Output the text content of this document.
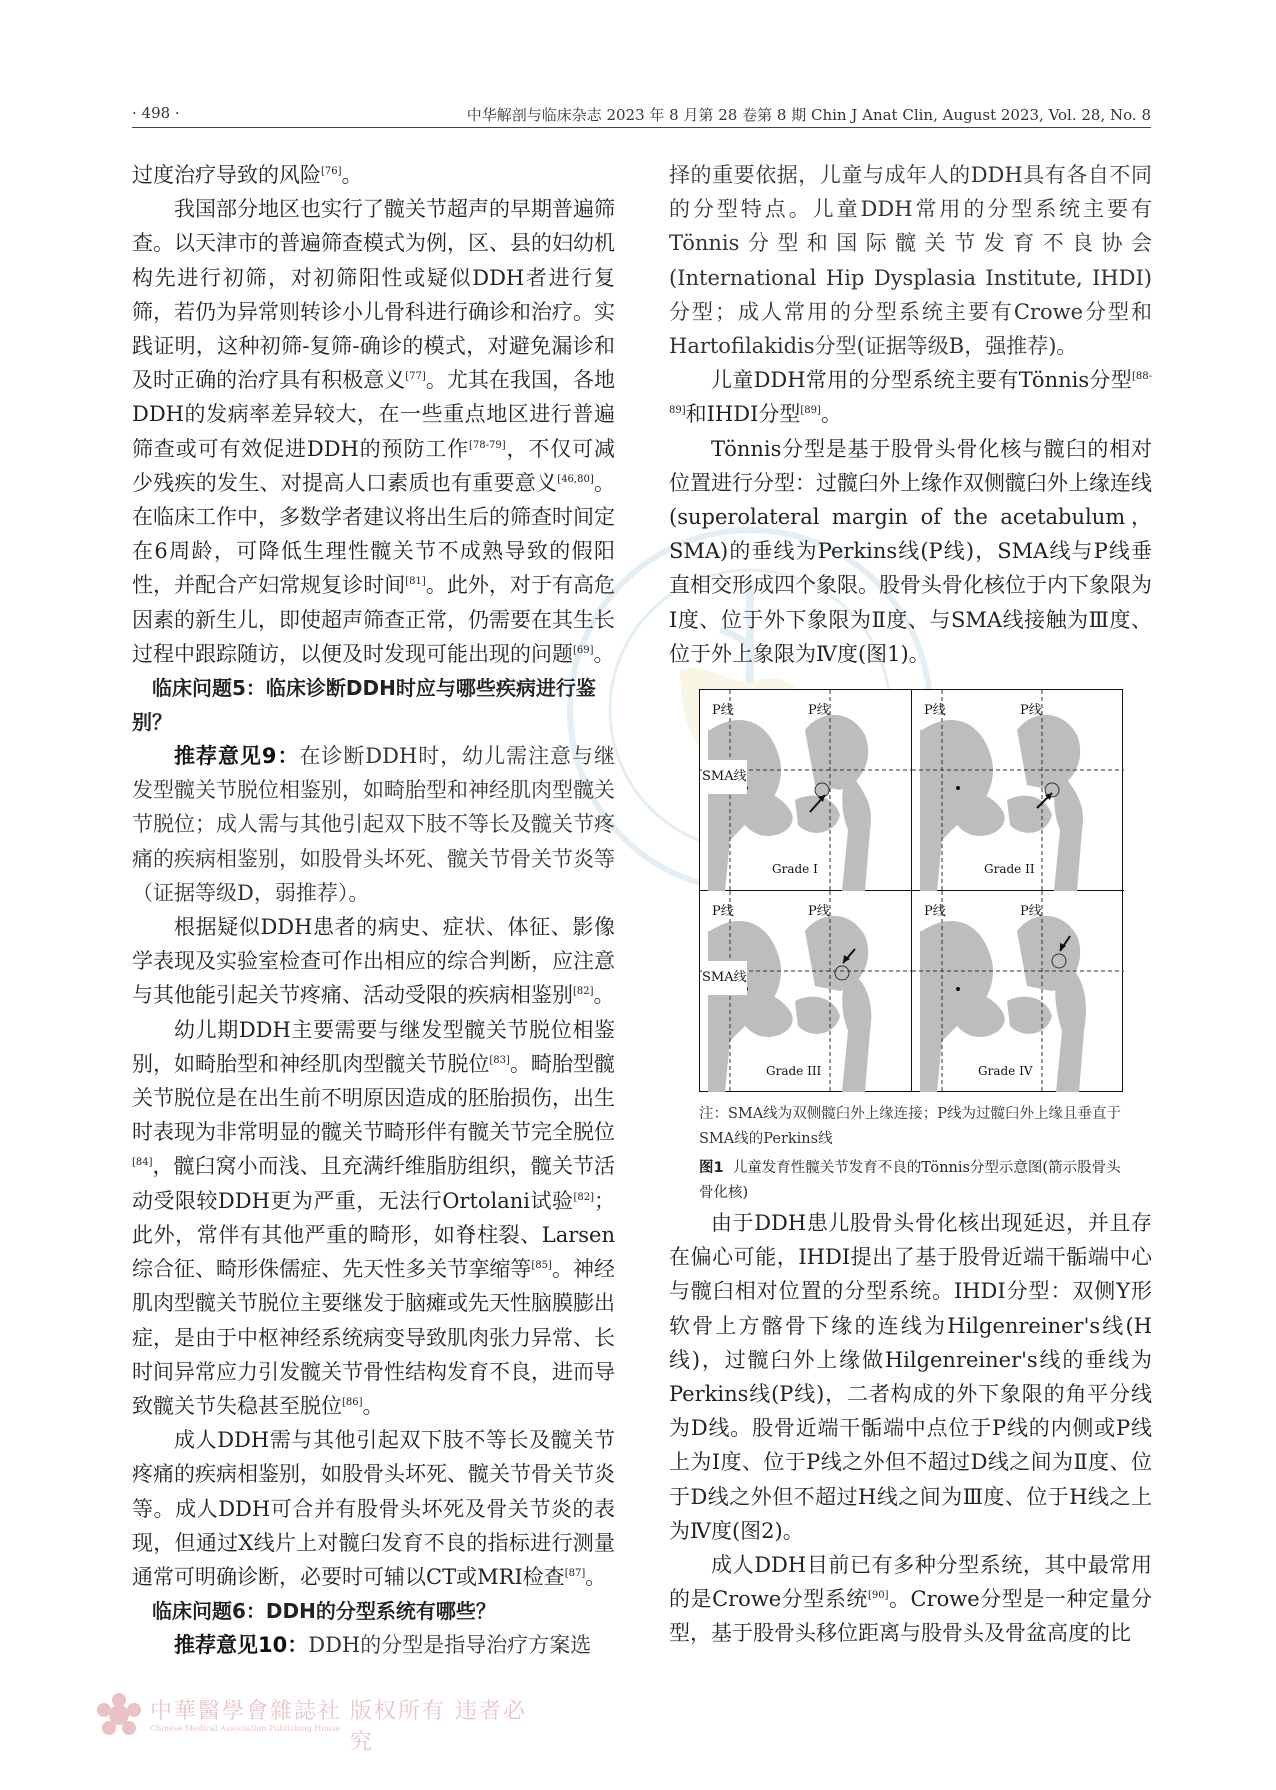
· 498 ·	中华解剖与临床杂志 2023 年 8 月第 28 卷第 8 期 Chin J Anat Clin, August 2023, Vol. 28, No. 8

过度治疗导致的风险[76]。

我国部分地区也实行了髋关节超声的早期普遍筛查。以天津市的普遍筛查模式为例，区、县的妇幼机构先进行初筛，对初筛阳性或疑似DDH者进行复筛，若仍为异常则转诊小儿骨科进行确诊和治疗。实践证明，这种初筛-复筛-确诊的模式，对避免漏诊和及时正确的治疗具有积极意义[77]。尤其在我国，各地DDH的发病率差异较大，在一些重点地区进行普遍筛查或可有效促进DDH的预防工作[78-79]，不仅可减少残疾的发生、对提高人口素质也有重要意义[46,80]。在临床工作中，多数学者建议将出生后的筛查时间定在6周龄，可降低生理性髋关节不成熟导致的假阳性，并配合产妇常规复诊时间[81]。此外，对于有高危因素的新生儿，即使超声筛查正常，仍需要在其生长过程中跟踪随访，以便及时发现可能出现的问题[69]。

临床问题5：临床诊断DDH时应与哪些疾病进行鉴别？

推荐意见9：在诊断DDH时，幼儿需注意与继发型髋关节脱位相鉴别，如畸胎型和神经肌肉型髋关节脱位；成人需与其他引起双下肢不等长及髋关节疼痛的疾病相鉴别，如股骨头坏死、髋关节骨关节炎等（证据等级D，弱推荐）。

根据疑似DDH患者的病史、症状、体征、影像学表现及实验室检查可作出相应的综合判断，应注意与其他能引起关节疼痛、活动受限的疾病相鉴别[82]。

幼儿期DDH主要需要与继发型髋关节脱位相鉴别，如畸胎型和神经肌肉型髋关节脱位[83]。畸胎型髋关节脱位是在出生前不明原因造成的胚胎损伤，出生时表现为非常明显的髋关节畸形伴有髋关节完全脱位[84]，髋臼窝小而浅、且充满纤维脂肪组织，髋关节活动受限较DDH更为严重，无法行Ortolani试验[82]；此外，常伴有其他严重的畸形，如脊柱裂、Larsen综合征、畸形侏儒症、先天性多关节挛缩等[85]。神经肌肉型髋关节脱位主要继发于脑瘫或先天性脑膜膨出症，是由于中枢神经系统病变导致肌肉张力异常、长时间异常应力引发髋关节骨性结构发育不良，进而导致髋关节失稳甚至脱位[86]。

成人DDH需与其他引起双下肢不等长及髋关节疼痛的疾病相鉴别，如股骨头坏死、髋关节骨关节炎等。成人DDH可合并有股骨头坏死及骨关节炎的表现，但通过X线片上对髋臼发育不良的指标进行测量通常可明确诊断，必要时可辅以CT或MRI检查[87]。

临床问题6：DDH的分型系统有哪些？

推荐意见10：DDH的分型是指导治疗方案选

择的重要依据，儿童与成年人的DDH具有各自不同的分型特点。儿童DDH常用的分型系统主要有Tönnis分型和国际髋关节发育不良协会(International Hip Dysplasia Institute, IHDI)分型；成人常用的分型系统主要有Crowe分型和Hartofilakidis分型(证据等级B，强推荐)。

儿童DDH常用的分型系统主要有Tönnis分型[88-89]和IHDI分型[89]。

Tönnis分型是基于股骨头骨化核与髋臼的相对位置进行分型：过髋臼外上缘作双侧髋臼外上缘连线(superolateral margin of the acetabulum，SMA)的垂线为Perkins线(P线)，SMA线与P线垂直相交形成四个象限。股骨头骨化核位于内下象限为Ⅰ度、位于外下象限为Ⅱ度、与SMA线接触为Ⅲ度、位于外上象限为Ⅳ度(图1)。

P线	P线
SMA线
Grade I
P线	P线
Grade II
P线	P线
SMA线
Grade III
P线	P线
Grade IV
注：SMA线为双侧髋臼外上缘连接；P线为过髋臼外上缘且垂直于SMA线的Perkins线
图1 儿童发育性髋关节发育不良的Tönnis分型示意图(箭示股骨头骨化核)

由于DDH患儿股骨头骨化核出现延迟，并且存在偏心可能，IHDI提出了基于股骨近端干骺端中心与髋臼相对位置的分型系统。IHDI分型：双侧Y形软骨上方髂骨下缘的连线为Hilgenreiner's线(H线)，过髋臼外上缘做Hilgenreiner's线的垂线为Perkins线(P线)，二者构成的外下象限的角平分线为D线。股骨近端干骺端中点位于P线的内侧或P线上为Ⅰ度、位于P线之外但不超过D线之间为Ⅱ度、位于D线之外但不超过H线之间为Ⅲ度、位于H线之上为Ⅳ度(图2)。

成人DDH目前已有多种分型系统，其中最常用的是Crowe分型系统[90]。Crowe分型是一种定量分型，基于股骨头移位距离与股骨头及骨盆高度的比

中華醫學會雜誌社
Chinese Medical Association Publishing House
版权所有 违者必究
